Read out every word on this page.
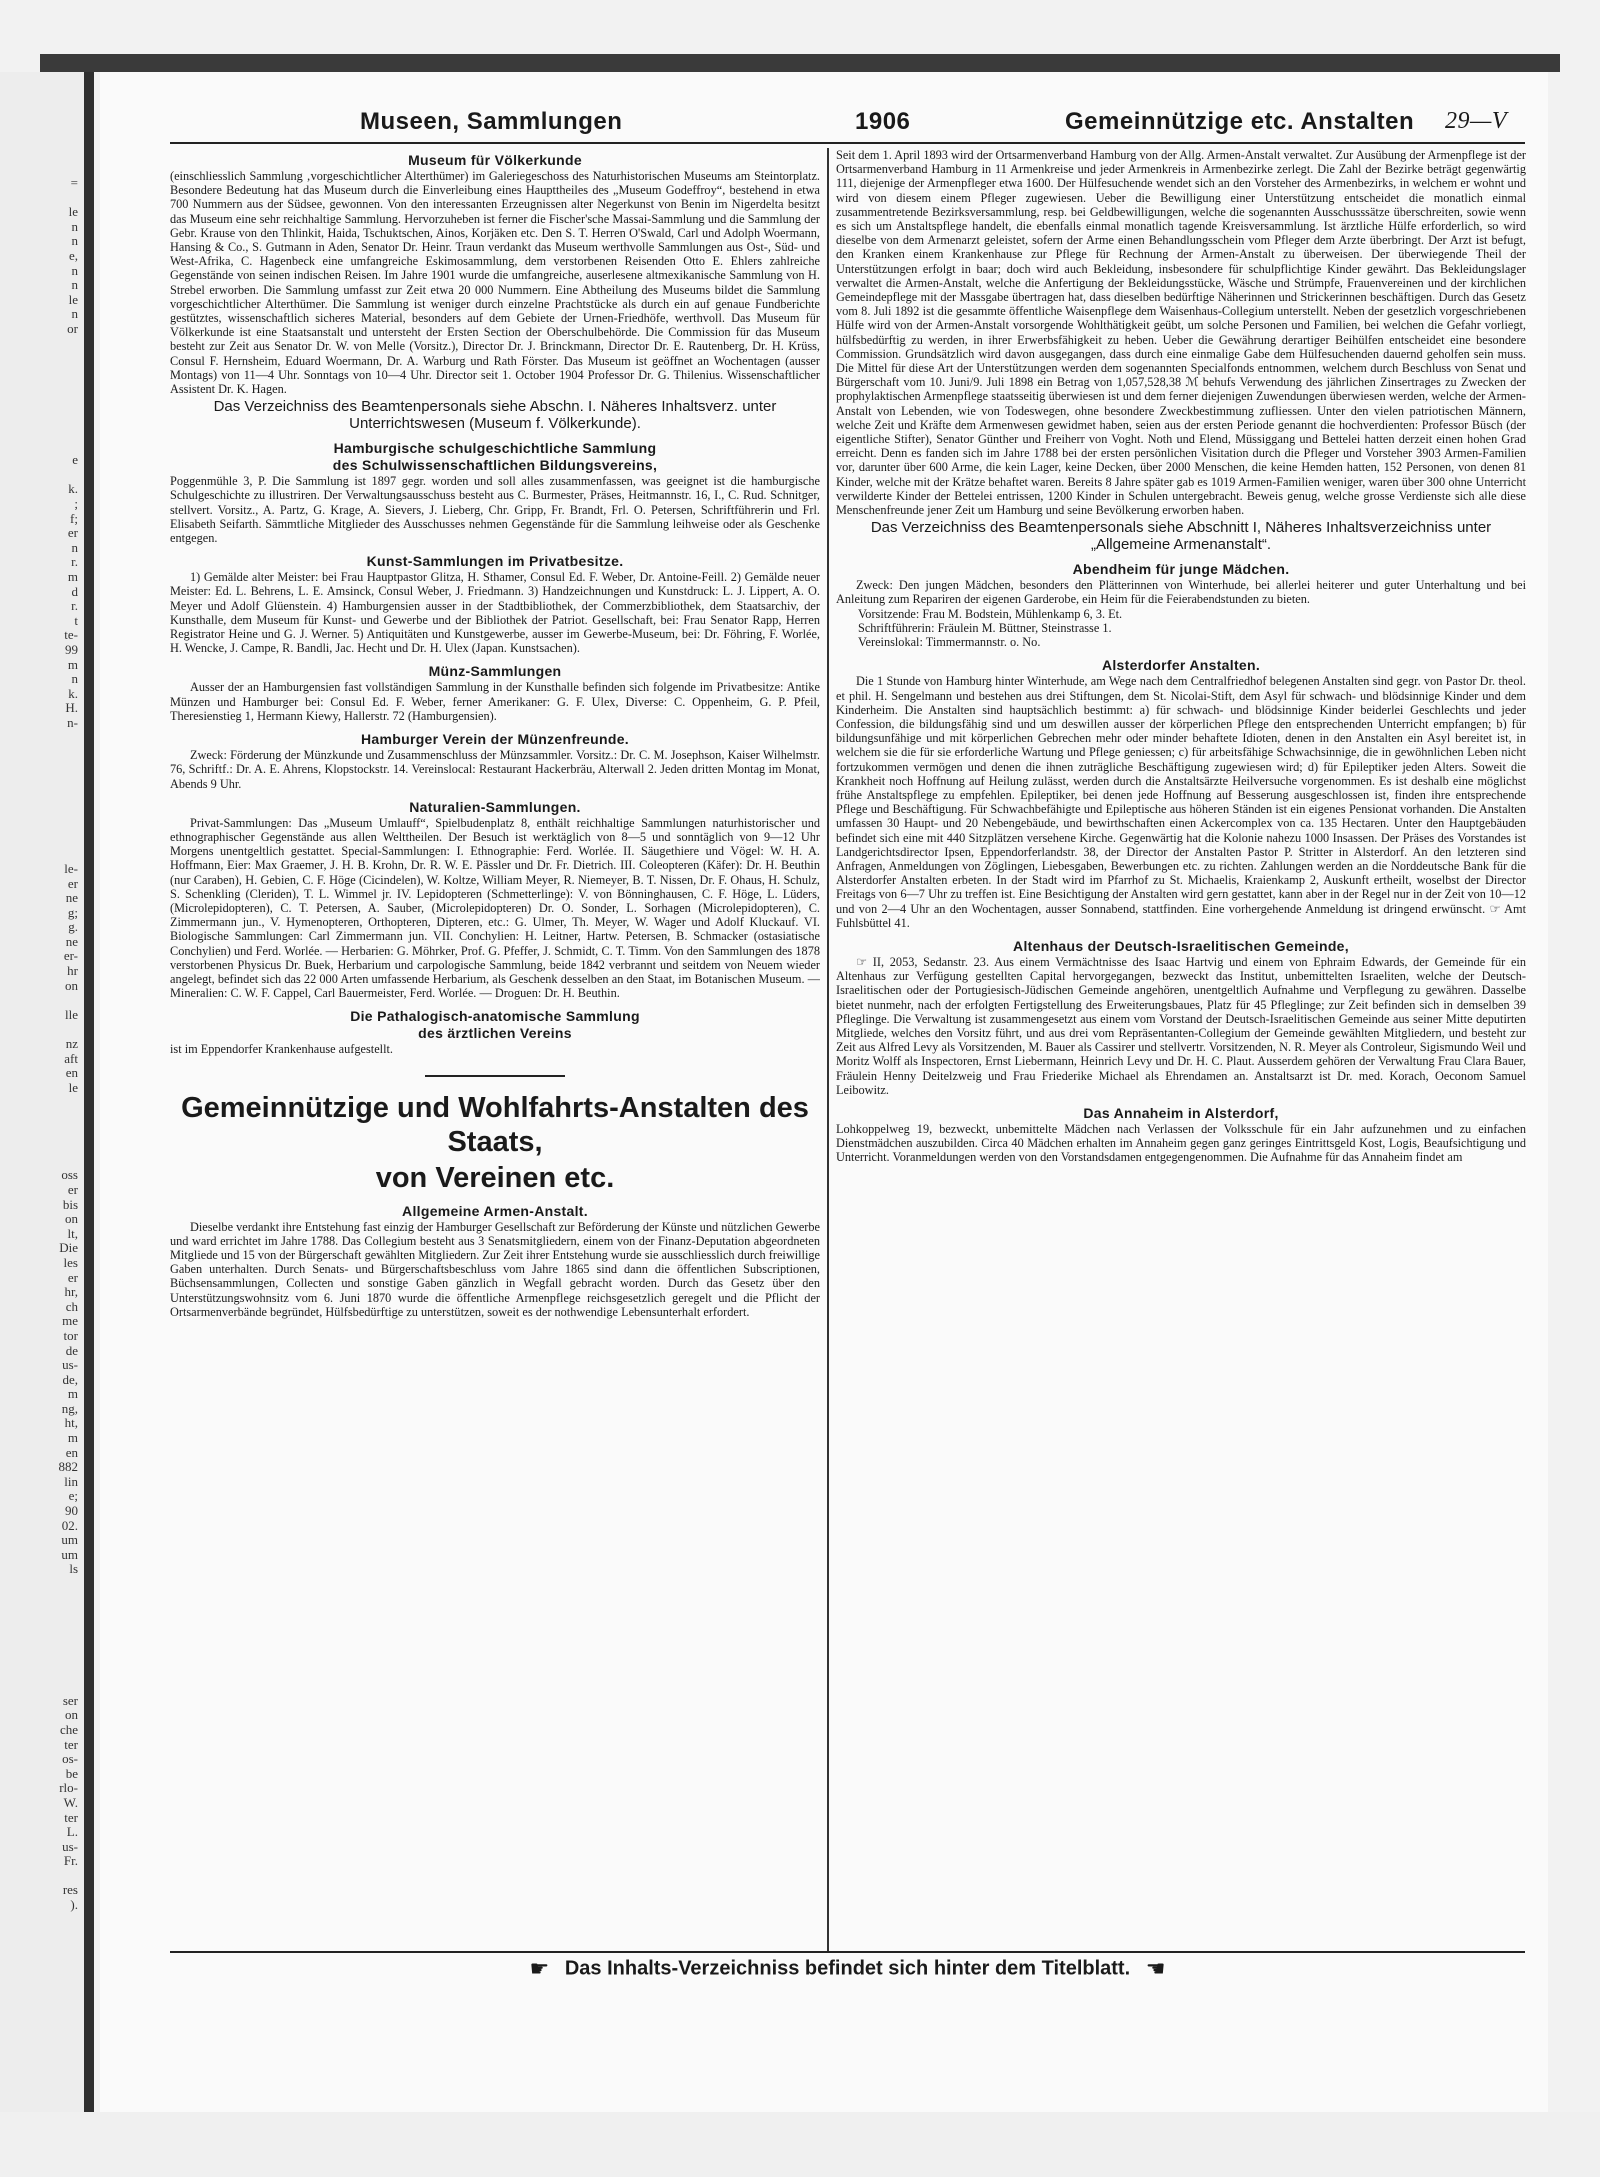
=

le
n
n
e,
n
n
le
n
or

e

k.
;
f;
er
n
r.
m
d
r.
t
te-
99
m
n
k.
H.
n-

le-
er
ne
g;
g.
ne
er-
hr
on

lle

nz
aft
en
le

oss
er
bis
on
lt,
Die
les
er
hr,
ch
me
tor
de
us-
de,
m
ng,
ht,
m
en
882
lin
e;
90
02.
um
um
ls

ser
on
che
ter
os-
be
rlo-
W.
ter
L.
us-
Fr.

res
).
Museen, Sammlungen	1906	Gemeinnützige etc. Anstalten 29—V
Museum für Völkerkunde

(einschliesslich Sammlung ‚vorgeschichtlicher Alterthümer) im Galeriegeschoss des Naturhistorischen Museums am Steintorplatz. Besondere Bedeutung hat das Museum durch die Einverleibung eines Haupttheiles des „Museum Godeffroy“, bestehend in etwa 700 Nummern aus der Südsee, gewonnen. Von den interessanten Erzeugnissen alter Negerkunst von Benin im Nigerdelta besitzt das Museum eine sehr reichhaltige Sammlung. Hervorzuheben ist ferner die Fischer'sche Massai-Sammlung und die Sammlung der Gebr. Krause von den Thlinkit, Haida, Tschuktschen, Ainos, Korjäken etc. Den S. T. Herren O'Swald, Carl und Adolph Woermann, Hansing & Co., S. Gutmann in Aden, Senator Dr. Heinr. Traun verdankt das Museum werthvolle Sammlungen aus Ost-, Süd- und West-Afrika, C. Hagenbeck eine umfangreiche Eskimosammlung, dem verstorbenen Reisenden Otto E. Ehlers zahlreiche Gegenstände von seinen indischen Reisen. Im Jahre 1901 wurde die umfangreiche, auserlesene altmexikanische Sammlung von H. Strebel erworben. Die Sammlung umfasst zur Zeit etwa 20 000 Nummern. Eine Abtheilung des Museums bildet die Sammlung vorgeschichtlicher Alterthümer. Die Sammlung ist weniger durch einzelne Prachtstücke als durch ein auf genaue Fundberichte gestütztes, wissenschaftlich sicheres Material, besonders auf dem Gebiete der Urnen-Friedhöfe, werthvoll. Das Museum für Völkerkunde ist eine Staatsanstalt und untersteht der Ersten Section der Oberschulbehörde. Die Commission für das Museum besteht zur Zeit aus Senator Dr. W. von Melle (Vorsitz.), Director Dr. J. Brinckmann, Director Dr. E. Rautenberg, Dr. H. Krüss, Consul F. Hernsheim, Eduard Woermann, Dr. A. Warburg und Rath Förster. Das Museum ist geöffnet an Wochentagen (ausser Montags) von 11—4 Uhr. Sonntags von 10—4 Uhr. Director seit 1. October 1904 Professor Dr. G. Thilenius. Wissenschaftlicher Assistent Dr. K. Hagen.

Das Verzeichniss des Beamtenpersonals siehe Abschn. I. Näheres Inhaltsverz. unter Unterrichtswesen (Museum f. Völkerkunde).

Hamburgische schulgeschichtliche Sammlung
des Schulwissenschaftlichen Bildungsvereins,

Poggenmühle 3, P. Die Sammlung ist 1897 gegr. worden und soll alles zusammenfassen, was geeignet ist die hamburgische Schulgeschichte zu illustriren. Der Verwaltungsausschuss besteht aus C. Burmester, Präses, Heitmannstr. 16, I., C. Rud. Schnitger, stellvert. Vorsitz., A. Partz, G. Krage, A. Sievers, J. Lieberg, Chr. Gripp, Fr. Brandt, Frl. O. Petersen, Schriftführerin und Frl. Elisabeth Seifarth. Sämmtliche Mitglieder des Ausschusses nehmen Gegenstände für die Sammlung leihweise oder als Geschenke entgegen.

Kunst-Sammlungen im Privatbesitze.

1) Gemälde alter Meister: bei Frau Hauptpastor Glitza, H. Sthamer, Consul Ed. F. Weber, Dr. Antoine-Feill. 2) Gemälde neuer Meister: Ed. L. Behrens, L. E. Amsinck, Consul Weber, J. Friedmann. 3) Handzeichnungen und Kunstdruck: L. J. Lippert, A. O. Meyer und Adolf Glüenstein. 4) Hamburgensien ausser in der Stadtbibliothek, der Commerzbibliothek, dem Staatsarchiv, der Kunsthalle, dem Museum für Kunst- und Gewerbe und der Bibliothek der Patriot. Gesellschaft, bei: Frau Senator Rapp, Herren Registrator Heine und G. J. Werner. 5) Antiquitäten und Kunstgewerbe, ausser im Gewerbe-Museum, bei: Dr. Föhring, F. Worlée, H. Wencke, J. Campe, R. Bandli, Jac. Hecht und Dr. H. Ulex (Japan. Kunstsachen).

Münz-Sammlungen

Ausser der an Hamburgensien fast vollständigen Sammlung in der Kunsthalle befinden sich folgende im Privatbesitze: Antike Münzen und Hamburger bei: Consul Ed. F. Weber, ferner Amerikaner: G. F. Ulex, Diverse: C. Oppenheim, G. P. Pfeil, Theresienstieg 1, Hermann Kiewy, Hallerstr. 72 (Hamburgensien).

Hamburger Verein der Münzenfreunde.

Zweck: Förderung der Münzkunde und Zusammenschluss der Münzsammler. Vorsitz.: Dr. C. M. Josephson, Kaiser Wilhelmstr. 76, Schriftf.: Dr. A. E. Ahrens, Klopstockstr. 14. Vereinslocal: Restaurant Hackerbräu, Alterwall 2. Jeden dritten Montag im Monat, Abends 9 Uhr.

Naturalien-Sammlungen.

Privat-Sammlungen: Das „Museum Umlauff“, Spielbudenplatz 8, enthält reichhaltige Sammlungen naturhistorischer und ethnographischer Gegenstände aus allen Welttheilen. Der Besuch ist werktäglich von 8—5 und sonntäglich von 9—12 Uhr Morgens unentgeltlich gestattet. Special-Sammlungen: I. Ethnographie: Ferd. Worlée. II. Säugethiere und Vögel: W. H. A. Hoffmann, Eier: Max Graemer, J. H. B. Krohn, Dr. R. W. E. Pässler und Dr. Fr. Dietrich. III. Coleopteren (Käfer): Dr. H. Beuthin (nur Caraben), H. Gebien, C. F. Höge (Cicindelen), W. Koltze, William Meyer, R. Niemeyer, B. T. Nissen, Dr. F. Ohaus, H. Schulz, S. Schenkling (Cleriden), T. L. Wimmel jr. IV. Lepidopteren (Schmetterlinge): V. von Bönninghausen, C. F. Höge, L. Lüders, (Microlepidopteren), C. T. Petersen, A. Sauber, (Microlepidopteren) Dr. O. Sonder, L. Sorhagen (Microlepidopteren), C. Zimmermann jun., V. Hymenopteren, Orthopteren, Dipteren, etc.: G. Ulmer, Th. Meyer, W. Wager und Adolf Kluckauf. VI. Biologische Sammlungen: Carl Zimmermann jun. VII. Conchylien: H. Leitner, Hartw. Petersen, B. Schmacker (ostasiatische Conchylien) und Ferd. Worlée. — Herbarien: G. Möhrker, Prof. G. Pfeffer, J. Schmidt, C. T. Timm. Von den Sammlungen des 1878 verstorbenen Physicus Dr. Buek, Herbarium und carpologische Sammlung, beide 1842 verbrannt und seitdem von Neuem wieder angelegt, befindet sich das 22 000 Arten umfassende Herbarium, als Geschenk desselben an den Staat, im Botanischen Museum. — Mineralien: C. W. F. Cappel, Carl Bauermeister, Ferd. Worlée. — Droguen: Dr. H. Beuthin.

Die Pathalogisch-anatomische Sammlung
des ärztlichen Vereins

ist im Eppendorfer Krankenhause aufgestellt.

Gemeinnützige und Wohlfahrts-Anstalten des Staats,
von Vereinen etc.
Allgemeine Armen-Anstalt.

Dieselbe verdankt ihre Entstehung fast einzig der Hamburger Gesellschaft zur Beförderung der Künste und nützlichen Gewerbe und ward errichtet im Jahre 1788. Das Collegium besteht aus 3 Senatsmitgliedern, einem von der Finanz-Deputation abgeordneten Mitgliede und 15 von der Bürgerschaft gewählten Mitgliedern. Zur Zeit ihrer Entstehung wurde sie ausschliesslich durch freiwillige Gaben unterhalten. Durch Senats- und Bürgerschaftsbeschluss vom Jahre 1865 sind dann die öffentlichen Subscriptionen, Büchsensammlungen, Collecten und sonstige Gaben gänzlich in Wegfall gebracht worden. Durch das Gesetz über den Unterstützungswohnsitz vom 6. Juni 1870 wurde die öffentliche Armenpflege reichsgesetzlich geregelt und die Pflicht der Ortsarmenverbände begründet, Hülfsbedürftige zu unterstützen, soweit es der nothwendige Lebensunterhalt erfordert.

Seit dem 1. April 1893 wird der Ortsarmenverband Hamburg von der Allg. Armen-Anstalt verwaltet. Zur Ausübung der Armenpflege ist der Ortsarmenverband Hamburg in 11 Armenkreise und jeder Armenkreis in Armenbezirke zerlegt. Die Zahl der Bezirke beträgt gegenwärtig 111, diejenige der Armenpfleger etwa 1600. Der Hülfesuchende wendet sich an den Vorsteher des Armenbezirks, in welchem er wohnt und wird von diesem einem Pfleger zugewiesen. Ueber die Bewilligung einer Unterstützung entscheidet die monatlich einmal zusammentretende Bezirksversammlung, resp. bei Geldbewilligungen, welche die sogenannten Ausschusssätze überschreiten, sowie wenn es sich um Anstaltspflege handelt, die ebenfalls einmal monatlich tagende Kreisversammlung. Ist ärztliche Hülfe erforderlich, so wird dieselbe von dem Armenarzt geleistet, sofern der Arme einen Behandlungsschein vom Pfleger dem Arzte überbringt. Der Arzt ist befugt, den Kranken einem Krankenhause zur Pflege für Rechnung der Armen-Anstalt zu überweisen. Der überwiegende Theil der Unterstützungen erfolgt in baar; doch wird auch Bekleidung, insbesondere für schulpflichtige Kinder gewährt. Das Bekleidungslager verwaltet die Armen-Anstalt, welche die Anfertigung der Bekleidungsstücke, Wäsche und Strümpfe, Frauenvereinen und der kirchlichen Gemeindepflege mit der Massgabe übertragen hat, dass dieselben bedürftige Näherinnen und Strickerinnen beschäftigen. Durch das Gesetz vom 8. Juli 1892 ist die gesammte öffentliche Waisenpflege dem Waisenhaus-Collegium unterstellt. Neben der gesetzlich vorgeschriebenen Hülfe wird von der Armen-Anstalt vorsorgende Wohlthätigkeit geübt, um solche Personen und Familien, bei welchen die Gefahr vorliegt, hülfsbedürftig zu werden, in ihrer Erwerbsfähigkeit zu heben. Ueber die Gewährung derartiger Beihülfen entscheidet eine besondere Commission. Grundsätzlich wird davon ausgegangen, dass durch eine einmalige Gabe dem Hülfesuchenden dauernd geholfen sein muss. Die Mittel für diese Art der Unterstützungen werden dem sogenannten Specialfonds entnommen, welchem durch Beschluss von Senat und Bürgerschaft vom 10. Juni/9. Juli 1898 ein Betrag von 1,057,528,38 ℳ behufs Verwendung des jährlichen Zinsertrages zu Zwecken der prophylaktischen Armenpflege staatsseitig überwiesen ist und dem ferner diejenigen Zuwendungen überwiesen werden, welche der Armen-Anstalt von Lebenden, wie von Todeswegen, ohne besondere Zweckbestimmung zufliessen. Unter den vielen patriotischen Männern, welche Zeit und Kräfte dem Armenwesen gewidmet haben, seien aus der ersten Periode genannt die hochverdienten: Professor Büsch (der eigentliche Stifter), Senator Günther und Freiherr von Voght. Noth und Elend, Müssiggang und Bettelei hatten derzeit einen hohen Grad erreicht. Denn es fanden sich im Jahre 1788 bei der ersten persönlichen Visitation durch die Pfleger und Vorsteher 3903 Armen-Familien vor, darunter über 600 Arme, die kein Lager, keine Decken, über 2000 Menschen, die keine Hemden hatten, 152 Personen, von denen 81 Kinder, welche mit der Krätze behaftet waren. Bereits 8 Jahre später gab es 1019 Armen-Familien weniger, waren über 300 ohne Unterricht verwilderte Kinder der Bettelei entrissen, 1200 Kinder in Schulen untergebracht. Beweis genug, welche grosse Verdienste sich alle diese Menschenfreunde jener Zeit um Hamburg und seine Bevölkerung erworben haben.

Das Verzeichniss des Beamtenpersonals siehe Abschnitt I, Näheres Inhaltsverzeichniss unter „Allgemeine Armenanstalt“.

Abendheim für junge Mädchen.

Zweck: Den jungen Mädchen, besonders den Plätterinnen von Winterhude, bei allerlei heiterer und guter Unterhaltung und bei Anleitung zum Repariren der eigenen Garderobe, ein Heim für die Feierabendstunden zu bieten.

Vorsitzende: Frau M. Bodstein, Mühlenkamp 6, 3. Et.
Schriftführerin: Fräulein M. Büttner, Steinstrasse 1.
Vereinslokal: Timmermannstr. o. No.
Alsterdorfer Anstalten.

Die 1 Stunde von Hamburg hinter Winterhude, am Wege nach dem Centralfriedhof belegenen Anstalten sind gegr. von Pastor Dr. theol. et phil. H. Sengelmann und bestehen aus drei Stiftungen, dem St. Nicolai-Stift, dem Asyl für schwach- und blödsinnige Kinder und dem Kinderheim. Die Anstalten sind hauptsächlich bestimmt: a) für schwach- und blödsinnige Kinder beiderlei Geschlechts und jeder Confession, die bildungsfähig sind und um deswillen ausser der körperlichen Pflege den entsprechenden Unterricht empfangen; b) für bildungsunfähige und mit körperlichen Gebrechen mehr oder minder behaftete Idioten, denen in den Anstalten ein Asyl bereitet ist, in welchem sie die für sie erforderliche Wartung und Pflege geniessen; c) für arbeitsfähige Schwachsinnige, die in gewöhnlichen Leben nicht fortzukommen vermögen und denen die ihnen zuträgliche Beschäftigung zugewiesen wird; d) für Epileptiker jeden Alters. Soweit die Krankheit noch Hoffnung auf Heilung zulässt, werden durch die Anstaltsärzte Heilversuche vorgenommen. Es ist deshalb eine möglichst frühe Anstaltspflege zu empfehlen. Epileptiker, bei denen jede Hoffnung auf Besserung ausgeschlossen ist, finden ihre entsprechende Pflege und Beschäftigung. Für Schwachbefähigte und Epileptische aus höheren Ständen ist ein eigenes Pensionat vorhanden. Die Anstalten umfassen 30 Haupt- und 20 Nebengebäude, und bewirthschaften einen Ackercomplex von ca. 135 Hectaren. Unter den Hauptgebäuden befindet sich eine mit 440 Sitzplätzen versehene Kirche. Gegenwärtig hat die Kolonie nahezu 1000 Insassen. Der Präses des Vorstandes ist Landgerichtsdirector Ipsen, Eppendorferlandstr. 38, der Director der Anstalten Pastor P. Stritter in Alsterdorf. An den letzteren sind Anfragen, Anmeldungen von Zöglingen, Liebesgaben, Bewerbungen etc. zu richten. Zahlungen werden an die Norddeutsche Bank für die Alsterdorfer Anstalten erbeten. In der Stadt wird im Pfarrhof zu St. Michaelis, Kraienkamp 2, Auskunft ertheilt, woselbst der Director Freitags von 6—7 Uhr zu treffen ist. Eine Besichtigung der Anstalten wird gern gestattet, kann aber in der Regel nur in der Zeit von 10—12 und von 2—4 Uhr an den Wochentagen, ausser Sonnabend, stattfinden. Eine vorhergehende Anmeldung ist dringend erwünscht. ☞ Amt Fuhlsbüttel 41.

Altenhaus der Deutsch-Israelitischen Gemeinde,

☞ II, 2053, Sedanstr. 23. Aus einem Vermächtnisse des Isaac Hartvig und einem von Ephraim Edwards, der Gemeinde für ein Altenhaus zur Verfügung gestellten Capital hervorgegangen, bezweckt das Institut, unbemittelten Israeliten, welche der Deutsch-Israelitischen oder der Portugiesisch-Jüdischen Gemeinde angehören, unentgeltlich Aufnahme und Verpflegung zu gewähren. Dasselbe bietet nunmehr, nach der erfolgten Fertigstellung des Erweiterungsbaues, Platz für 45 Pfleglinge; zur Zeit befinden sich in demselben 39 Pfleglinge. Die Verwaltung ist zusammengesetzt aus einem vom Vorstand der Deutsch-Israelitischen Gemeinde aus seiner Mitte deputirten Mitgliede, welches den Vorsitz führt, und aus drei vom Repräsentanten-Collegium der Gemeinde gewählten Mitgliedern, und besteht zur Zeit aus Alfred Levy als Vorsitzenden, M. Bauer als Cassirer und stellvertr. Vorsitzenden, N. R. Meyer als Controleur, Sigismundo Weil und Moritz Wolff als Inspectoren, Ernst Liebermann, Heinrich Levy und Dr. H. C. Plaut. Ausserdem gehören der Verwaltung Frau Clara Bauer, Fräulein Henny Deitelzweig und Frau Friederike Michael als Ehrendamen an. Anstaltsarzt ist Dr. med. Korach, Oeconom Samuel Leibowitz.

Das Annaheim in Alsterdorf,

Lohkoppelweg 19, bezweckt, unbemittelte Mädchen nach Verlassen der Volksschule für ein Jahr aufzunehmen und zu einfachen Dienstmädchen auszubilden. Circa 40 Mädchen erhalten im Annaheim gegen ganz geringes Eintrittsgeld Kost, Logis, Beaufsichtigung und Unterricht. Voranmeldungen werden von den Vorstandsdamen entgegengenommen. Die Aufnahme für das Annaheim findet am

☛ Das Inhalts-Verzeichniss befindet sich hinter dem Titelblatt. ☚
